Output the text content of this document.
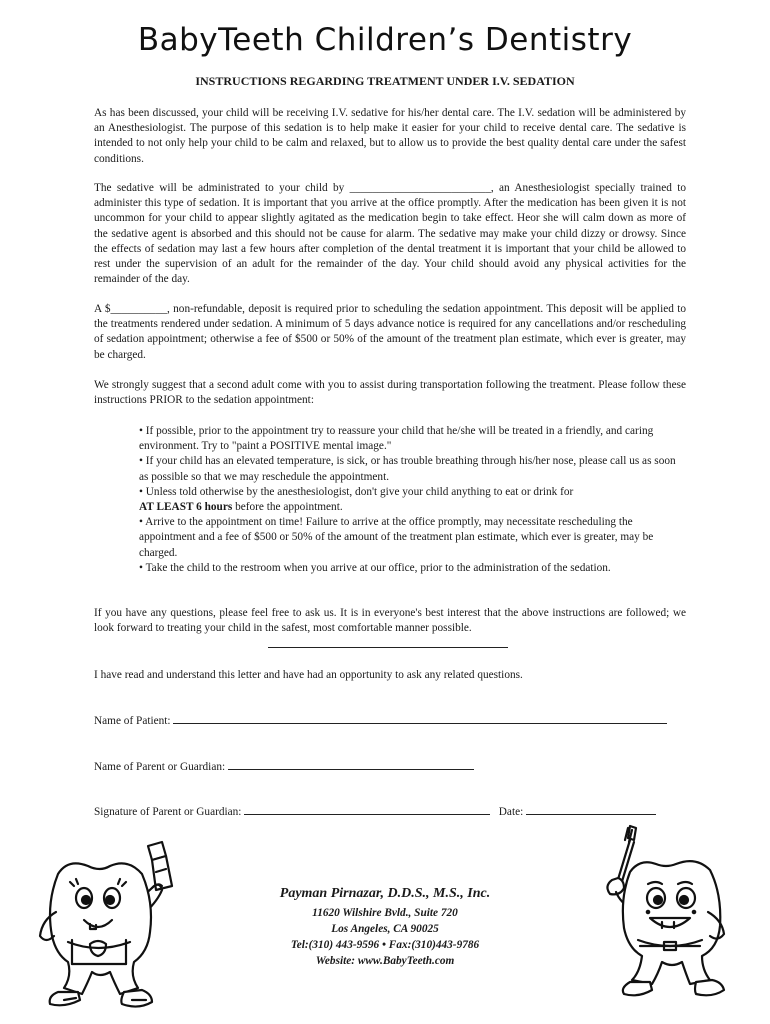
BabyTeeth Children’s Dentistry
INSTRUCTIONS REGARDING TREATMENT UNDER I.V. SEDATION
As has been discussed, your child will be receiving I.V. sedative for his/her dental care. The I.V. sedation will be administered by an Anesthesiologist. The purpose of this sedation is to help make it easier for your child to receive dental care. The sedative is intended to not only help your child to be calm and relaxed, but to allow us to provide the best quality dental care under the safest conditions.
The sedative will be administrated to your child by _________________________, an Anesthesiologist specially trained to administer this type of sedation. It is important that you arrive at the office promptly. After the medication has been given it is not uncommon for your child to appear slightly agitated as the medication begin to take effect. Heor she will calm down as more of the sedative agent is absorbed and this should not be cause for alarm. The sedative may make your child dizzy or drowsy. Since the effects of sedation may last a few hours after completion of the dental treatment it is important that your child be allowed to rest under the supervision of an adult for the remainder of the day. Your child should avoid any physical activities for the remainder of the day.
A $__________, non-refundable, deposit is required prior to scheduling the sedation appointment. This deposit will be applied to the treatments rendered under sedation. A minimum of 5 days advance notice is required for any cancellations and/or rescheduling of sedation appointment; otherwise a fee of $500 or 50% of the amount of the treatment plan estimate, which ever is greater, may be charged.
We strongly suggest that a second adult come with you to assist during transportation following the treatment. Please follow these instructions PRIOR to the sedation appointment:
• If possible, prior to the appointment try to reassure your child that he/she will be treated in a friendly, and caring environment. Try to "paint a POSITIVE mental image."
• If your child has an elevated temperature, is sick, or has trouble breathing through his/her nose, please call us as soon as possible so that we may reschedule the appointment.
• Unless told otherwise by the anesthesiologist, don't give your child anything to eat or drink for
AT LEAST 6 hours before the appointment.
• Arrive to the appointment on time! Failure to arrive at the office promptly, may necessitate rescheduling the appointment and a fee of $500 or 50% of the amount of the treatment plan estimate, which ever is greater, may be charged.
• Take the child to the restroom when you arrive at our office, prior to the administration of the sedation.
If you have any questions, please feel free to ask us. It is in everyone's best interest that the above instructions are followed; we look forward to treating your child in the safest, most comfortable manner possible.
I have read and understand this letter and have had an opportunity to ask any related questions.
Name of Patient:
Name of Parent or Guardian:
Signature of Parent or Guardian:	Date:
Payman Pirnazar, D.D.S., M.S., Inc.
11620 Wilshire Bvld., Suite 720
Los Angeles, CA 90025
Tel:(310) 443-9596 • Fax:(310)443-9786
Website: www.BabyTeeth.com
